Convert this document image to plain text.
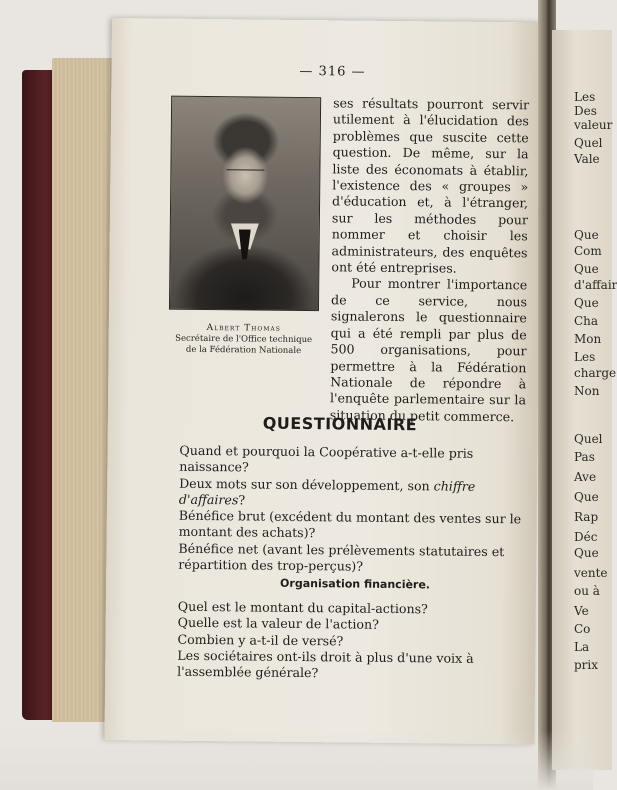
— 316 —
Albert Thomas
Secrétaire de l'Office technique
de la Fédération Nationale

ses résultats pourront servir utilement à l'élucidation des problèmes que suscite cette question. De même, sur la liste des économats à établir, l'existence des « groupes » d'éducation et, à l'étranger, sur les méthodes pour nommer et choisir les administrateurs, des enquêtes ont été entreprises.

Pour montrer l'importance de ce service, nous signalerons le questionnaire qui a été rempli par plus de 500 organisations, pour permettre à la Fédération Nationale de répondre à l'enquête parlementaire sur la situation du petit commerce.

QUESTIONNAIRE
Quand et pourquoi la Coopérative a-t-elle pris naissance?
Deux mots sur son développement, son chiffre d'affaires?
Bénéfice brut (excédent du montant des ventes sur le montant des achats)?
Bénéfice net (avant les prélèvements statutaires et répartition des trop-perçus)?
Organisation financière.
Quel est le montant du capital-actions?
Quelle est la valeur de l'action?
Combien y a-t-il de versé?
Les sociétaires ont-ils droit à plus d'une voix à l'assemblée générale?
Les
Des
valeur
Quel
Vale
Que
Com
Que
d'affair
Que
Cha
Mon
Les
charge
Non
Quel
Pas
Ave
Que
Rap
Déc
Que
vente
ou à
Ve
Co
La
prix
